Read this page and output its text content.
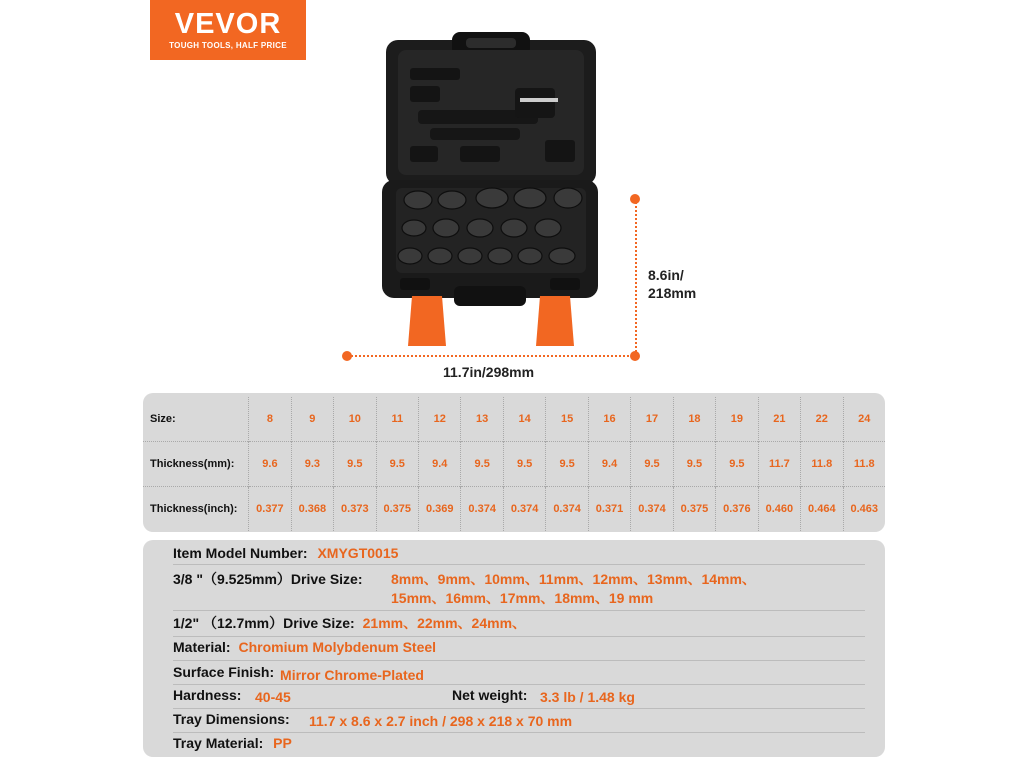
VEVOR
TOUGH TOOLS, HALF PRICE
8.6in/
218mm
11.7in/298mm
Size:	8	9	10	11	12	13	14	15	16	17	18	19	21	22	24
Thickness(mm):	9.6	9.3	9.5	9.5	9.4	9.5	9.5	9.5	9.4	9.5	9.5	9.5	11.7	11.8	11.8
Thickness(inch):	0.377	0.368	0.373	0.375	0.369	0.374	0.374	0.374	0.371	0.374	0.375	0.376	0.460	0.464	0.463
Item Model Number: XMYGT0015
3/8 "（9.525mm）Drive Size: 8mm、9mm、10mm、11mm、12mm、13mm、14mm、
15mm、16mm、17mm、18mm、19 mm
1/2" （12.7mm）Drive Size: 21mm、22mm、24mm、
Material: Chromium Molybdenum Steel
Surface Finish: Mirror Chrome-Plated
Hardness: 40-45	Net weight: 3.3 lb / 1.48 kg
Tray Dimensions: 11.7 x 8.6 x 2.7 inch / 298 x 218 x 70 mm
Tray Material: PP
